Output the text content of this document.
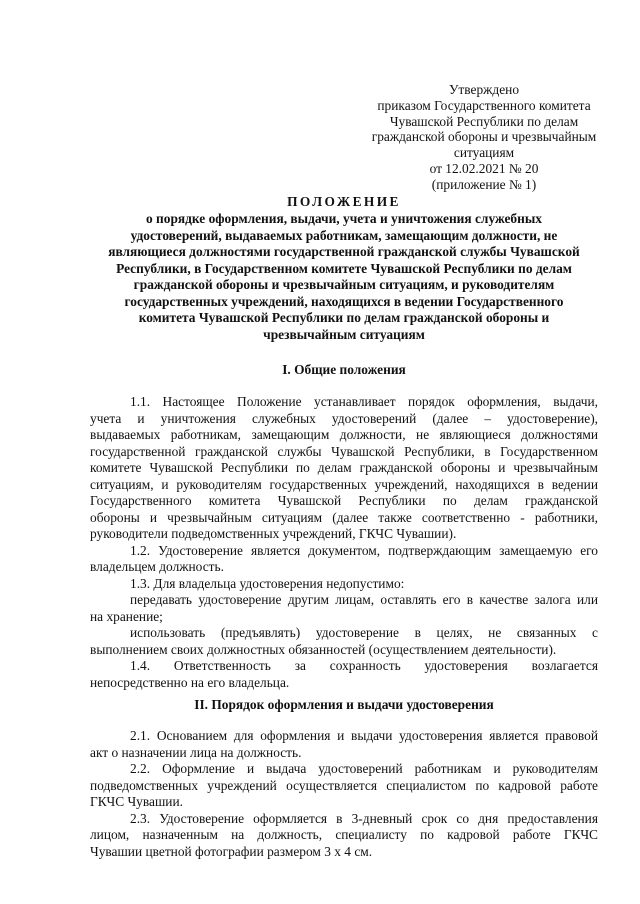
Утверждено
приказом Государственного комитета
Чувашской Республики по делам
гражданской обороны и чрезвычайным
ситуациям
от 12.02.2021 № 20
(приложение № 1)
ПОЛОЖЕНИЕ
о порядке оформления, выдачи, учета и уничтожения служебных
удостоверений, выдаваемых работникам, замещающим должности, не
являющиеся должностями государственной гражданской службы Чувашской
Республики, в Государственном комитете Чувашской Республики по делам
гражданской обороны и чрезвычайным ситуациям, и руководителям
государственных учреждений, находящихся в ведении Государственного
комитета Чувашской Республики по делам гражданской обороны и
чрезвычайным ситуациям
I. Общие положения
1.1. Настоящее Положение устанавливает порядок оформления, выдачи,
учета и уничтожения служебных удостоверений (далее – удостоверение),
выдаваемых работникам, замещающим должности, не являющиеся должностями
государственной гражданской службы Чувашской Республики, в Государственном
комитете Чувашской Республики по делам гражданской обороны и чрезвычайным
ситуациям, и руководителям государственных учреждений, находящихся в ведении
Государственного комитета Чувашской Республики по делам гражданской
обороны и чрезвычайным ситуациям (далее также соответственно - работники,
руководители подведомственных учреждений, ГКЧС Чувашии).
1.2. Удостоверение является документом, подтверждающим замещаемую его
владельцем должность.
1.3. Для владельца удостоверения недопустимо:
передавать удостоверение другим лицам, оставлять его в качестве залога или
на хранение;
использовать (предъявлять) удостоверение в целях, не связанных с
выполнением своих должностных обязанностей (осуществлением деятельности).
1.4. Ответственность за сохранность удостоверения возлагается
непосредственно на его владельца.
II. Порядок оформления и выдачи удостоверения
2.1. Основанием для оформления и выдачи удостоверения является правовой
акт о назначении лица на должность.
2.2. Оформление и выдача удостоверений работникам и руководителям
подведомственных учреждений осуществляется специалистом по кадровой работе
ГКЧС Чувашии.
2.3. Удостоверение оформляется в 3-дневный срок со дня предоставления
лицом, назначенным на должность, специалисту по кадровой работе ГКЧС
Чувашии цветной фотографии размером 3 х 4 см.
